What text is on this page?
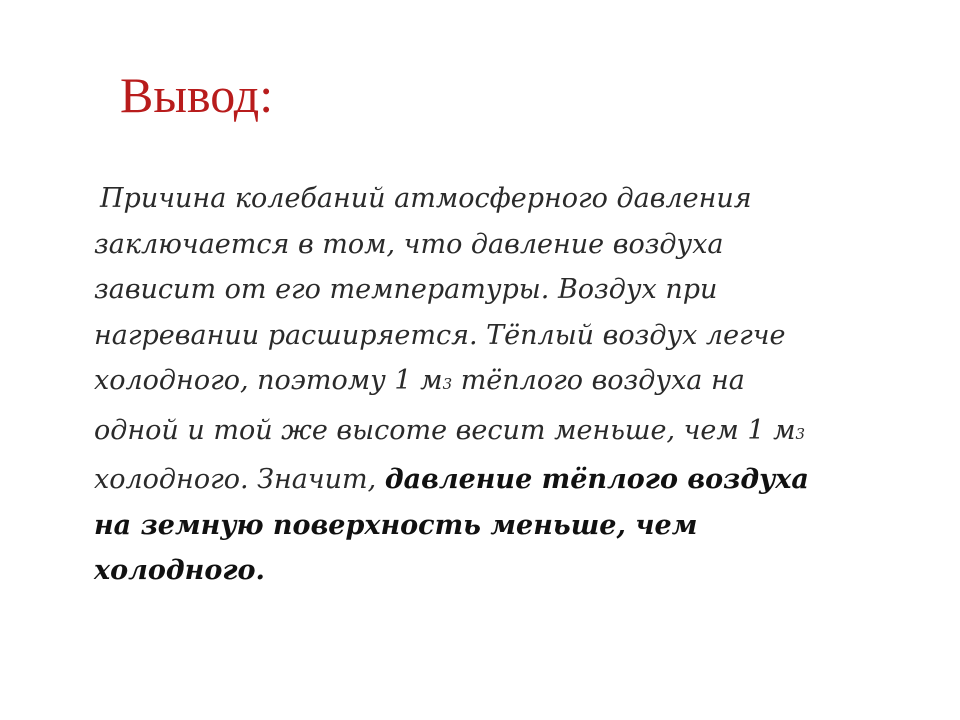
Вывод:

Причина колебаний атмосферного давления
заключается в том, что давление воздуха
зависит от его температуры. Воздух при
нагревании расширяется. Тёплый воздух легче
холодного, поэтому 1 м3 тёплого воздуха на
одной и той же высоте весит меньше, чем 1 м3
холодного. Значит, давление тёплого воздуха
на земную поверхность меньше, чем
холодного.
